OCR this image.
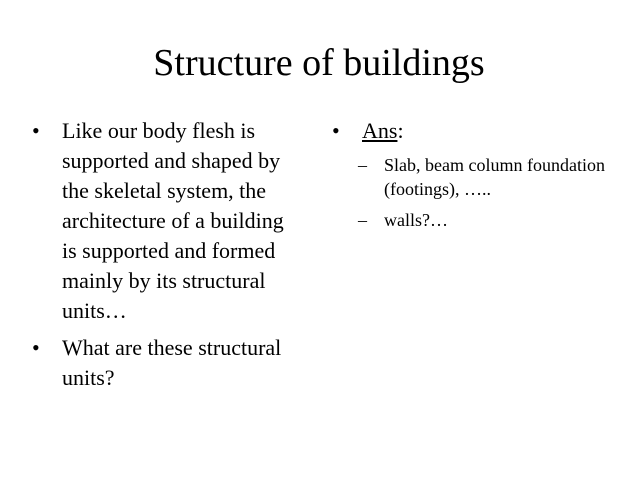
Structure of buildings
• Like our body flesh is supported and shaped by the skeletal system, the architecture of a building is supported and formed mainly by its structural units…
• What are these structural units?
• Ans:
– Slab, beam column foundation (footings), …..
– walls?…
